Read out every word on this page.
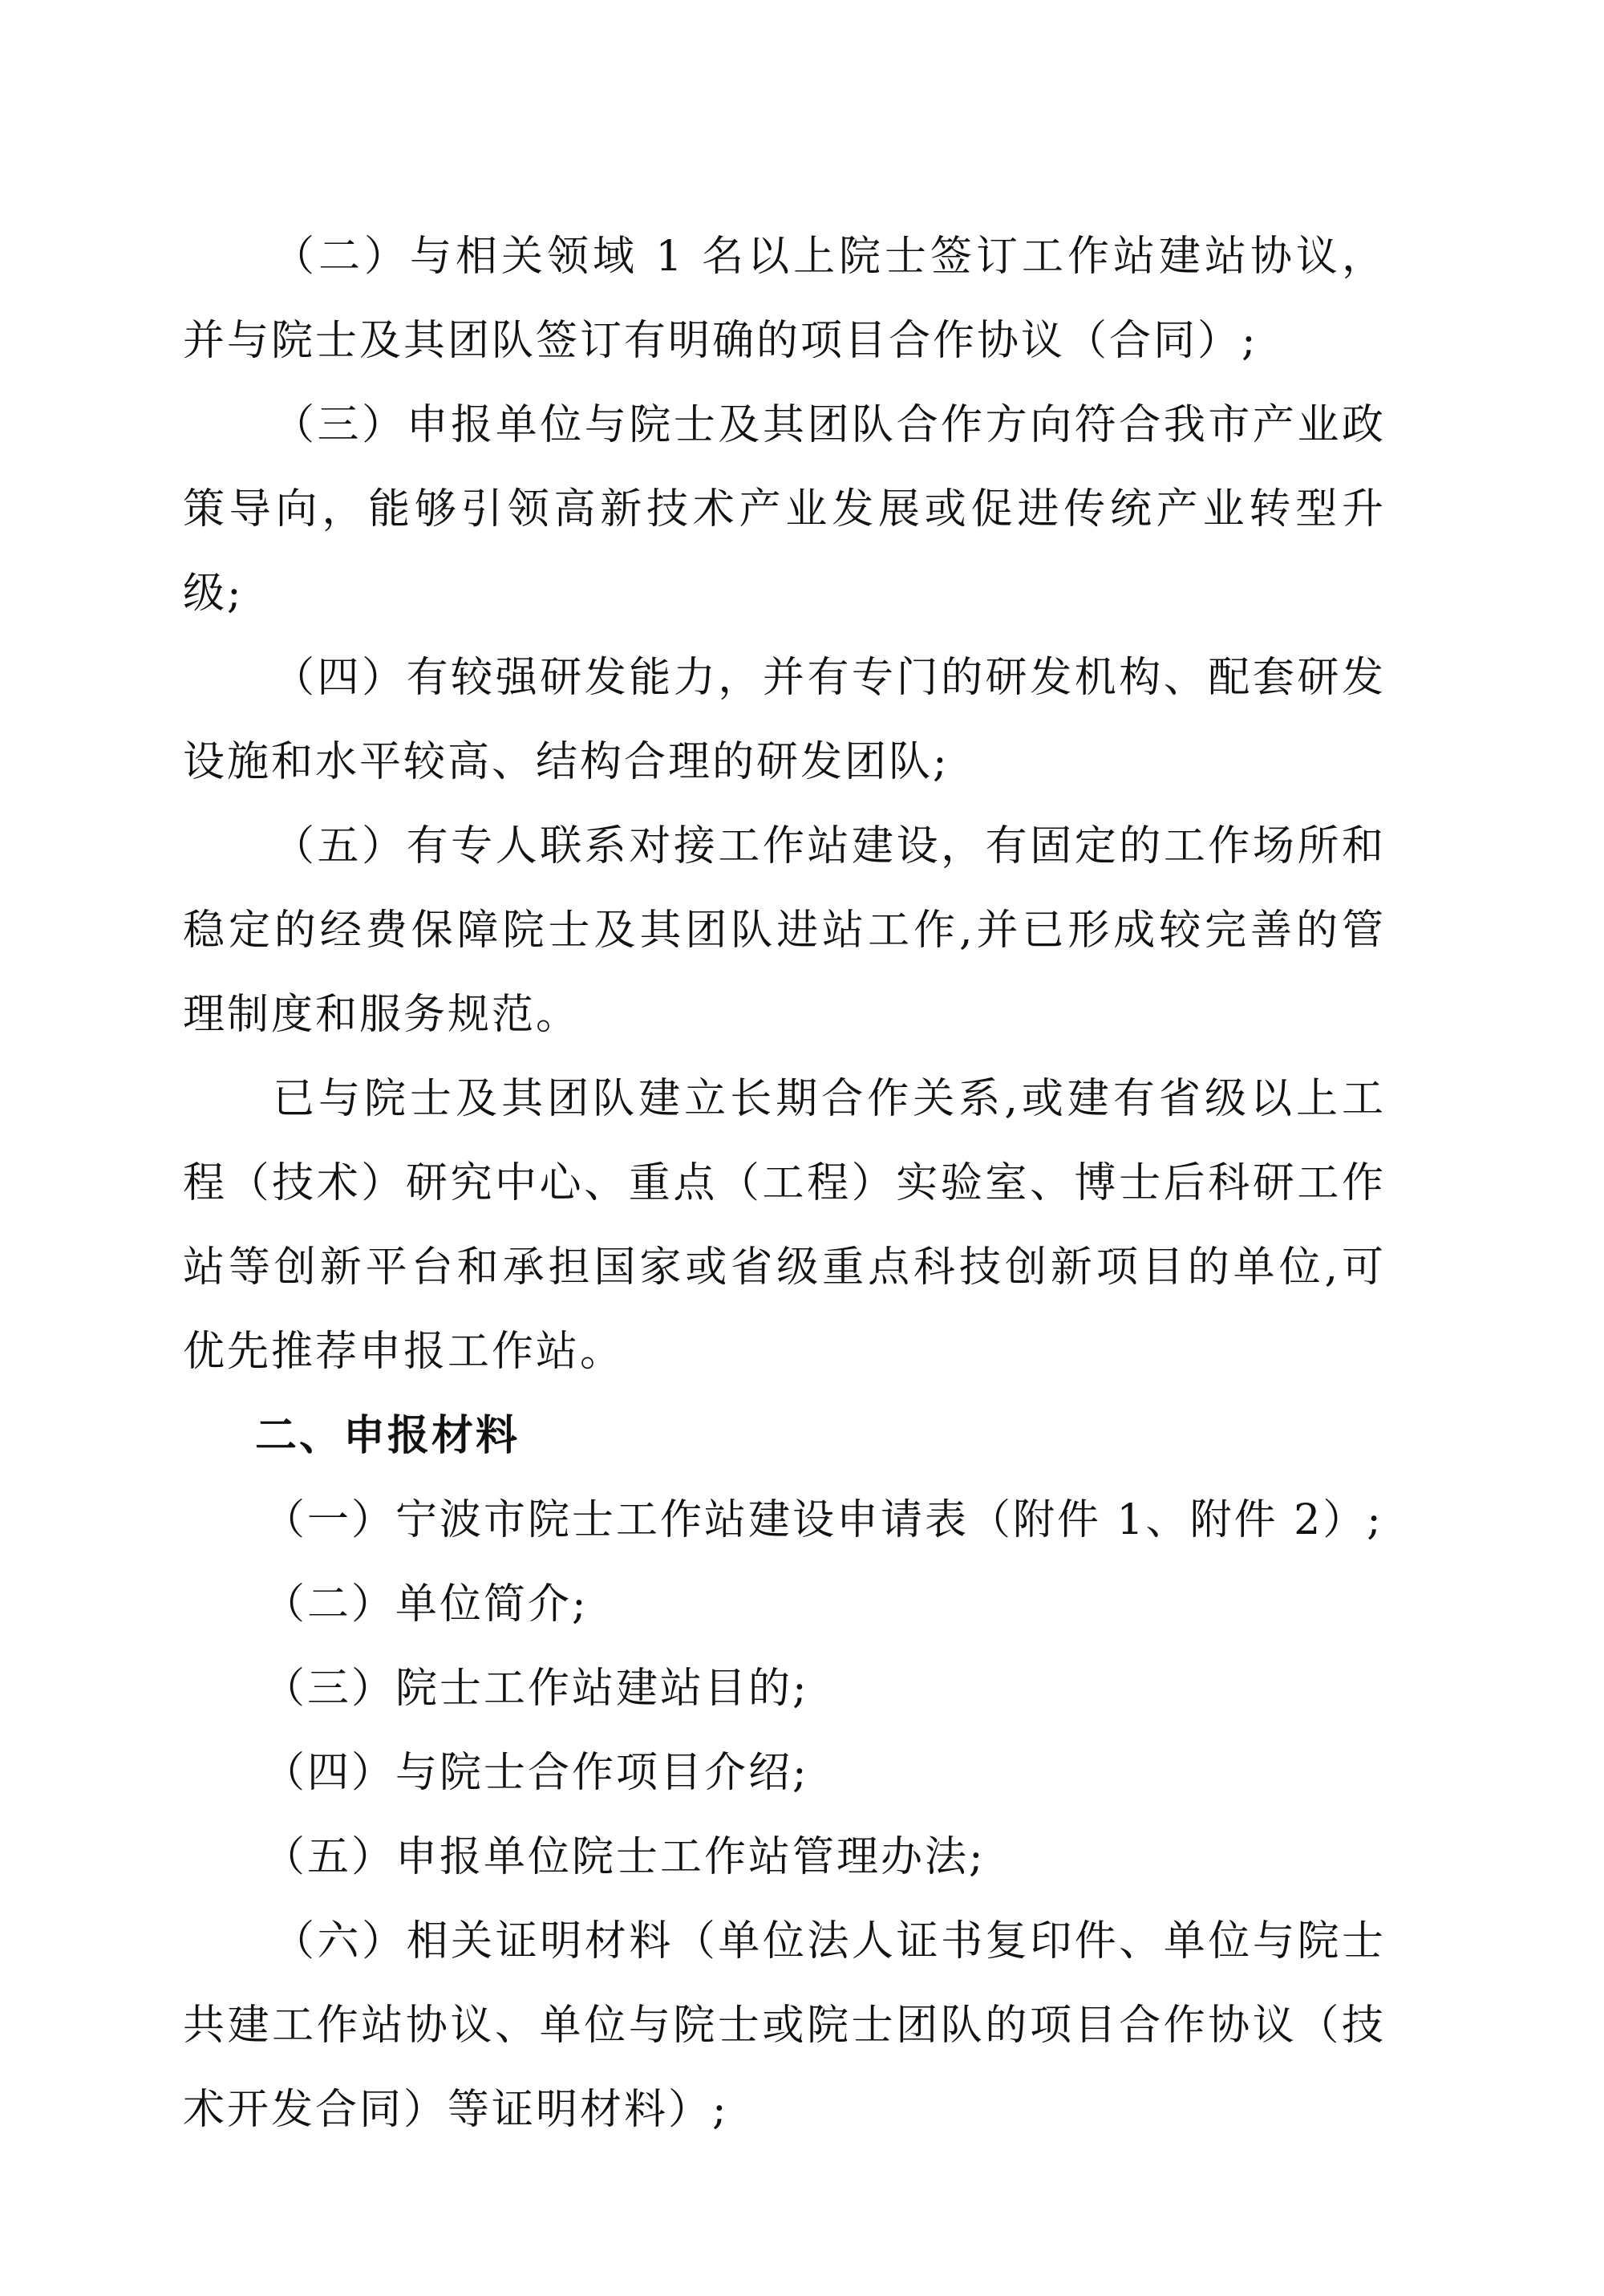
（二）与相关领域 1 名以上院士签订工作站建站协议，并与院士及其团队签订有明确的项目合作协议（合同）;

（三）申报单位与院士及其团队合作方向符合我市产业政策导向，能够引领高新技术产业发展或促进传统产业转型升级;

（四）有较强研发能力，并有专门的研发机构、配套研发设施和水平较高、结构合理的研发团队;

（五）有专人联系对接工作站建设，有固定的工作场所和稳定的经费保障院士及其团队进站工作,并已形成较完善的管理制度和服务规范。

已与院士及其团队建立长期合作关系,或建有省级以上工程（技术）研究中心、重点（工程）实验室、博士后科研工作站等创新平台和承担国家或省级重点科技创新项目的单位,可优先推荐申报工作站。

二、申报材料

（一）宁波市院士工作站建设申请表（附件 1、附件 2）;

（二）单位简介;

（三）院士工作站建站目的;

（四）与院士合作项目介绍;

（五）申报单位院士工作站管理办法;

（六）相关证明材料（单位法人证书复印件、单位与院士共建工作站协议、单位与院士或院士团队的项目合作协议（技术开发合同）等证明材料）;
